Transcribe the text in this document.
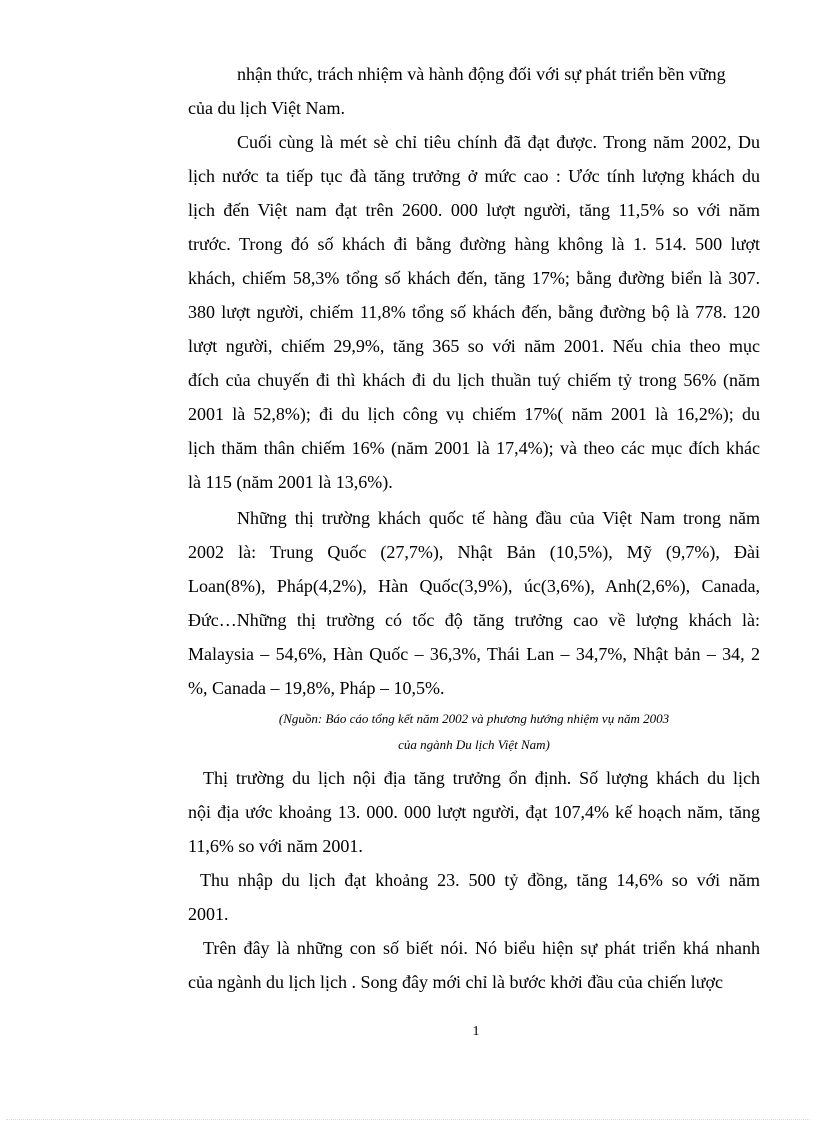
nhận thức, trách nhiệm và hành động đối với sự phát triển bền vững
của du lịch Việt Nam.
Cuối cùng là mét sè chỉ tiêu chính đã đạt được. Trong năm 2002, Du
lịch nước ta tiếp tục đà tăng trưởng ở mức cao : Ước tính lượng khách du
lịch đến Việt nam đạt trên 2600. 000 lượt người, tăng 11,5% so với năm
trước. Trong đó số khách đi bằng đường hàng không là 1. 514. 500 lượt
khách, chiếm 58,3% tổng số khách đến, tăng 17%; bằng đường biển là 307.
380 lượt người, chiếm 11,8% tổng số khách đến, bằng đường bộ là 778. 120
lượt người, chiếm 29,9%, tăng 365 so với năm 2001. Nếu chia theo mục
đích của chuyến đi thì khách đi du lịch thuần tuý chiếm tỷ trong 56% (năm
2001 là 52,8%); đi du lịch công vụ chiếm 17%( năm 2001 là 16,2%); du
lịch thăm thân chiếm 16% (năm 2001 là 17,4%); và theo các mục đích khác
là 115 (năm 2001 là 13,6%).
Những thị trường khách quốc tế hàng đầu của Việt Nam trong năm
2002 là: Trung Quốc (27,7%), Nhật Bản (10,5%), Mỹ (9,7%), Đài
Loan(8%), Pháp(4,2%), Hàn Quốc(3,9%), úc(3,6%), Anh(2,6%), Canada,
Đức…Những thị trường có tốc độ tăng trưởng cao về lượng khách là:
Malaysia – 54,6%, Hàn Quốc – 36,3%, Thái Lan – 34,7%, Nhật bản – 34, 2
%, Canada – 19,8%, Pháp – 10,5%.
(Nguồn: Báo cáo tổng kết năm 2002 và phương hướng nhiệm vụ năm 2003
của ngành Du lịch Việt Nam)
Thị trường du lịch nội địa tăng trưởng ổn định. Số lượng khách du lịch
nội địa ước khoảng 13. 000. 000 lượt người, đạt 107,4% kế hoạch năm, tăng
11,6% so với năm 2001.
Thu nhập du lịch đạt khoảng 23. 500 tỷ đồng, tăng 14,6% so với năm
2001.
Trên đây là những con số biết nói. Nó biểu hiện sự phát triển khá nhanh
của ngành du lịch lịch . Song đây mới chỉ là bước khởi đầu của chiến lược
1
